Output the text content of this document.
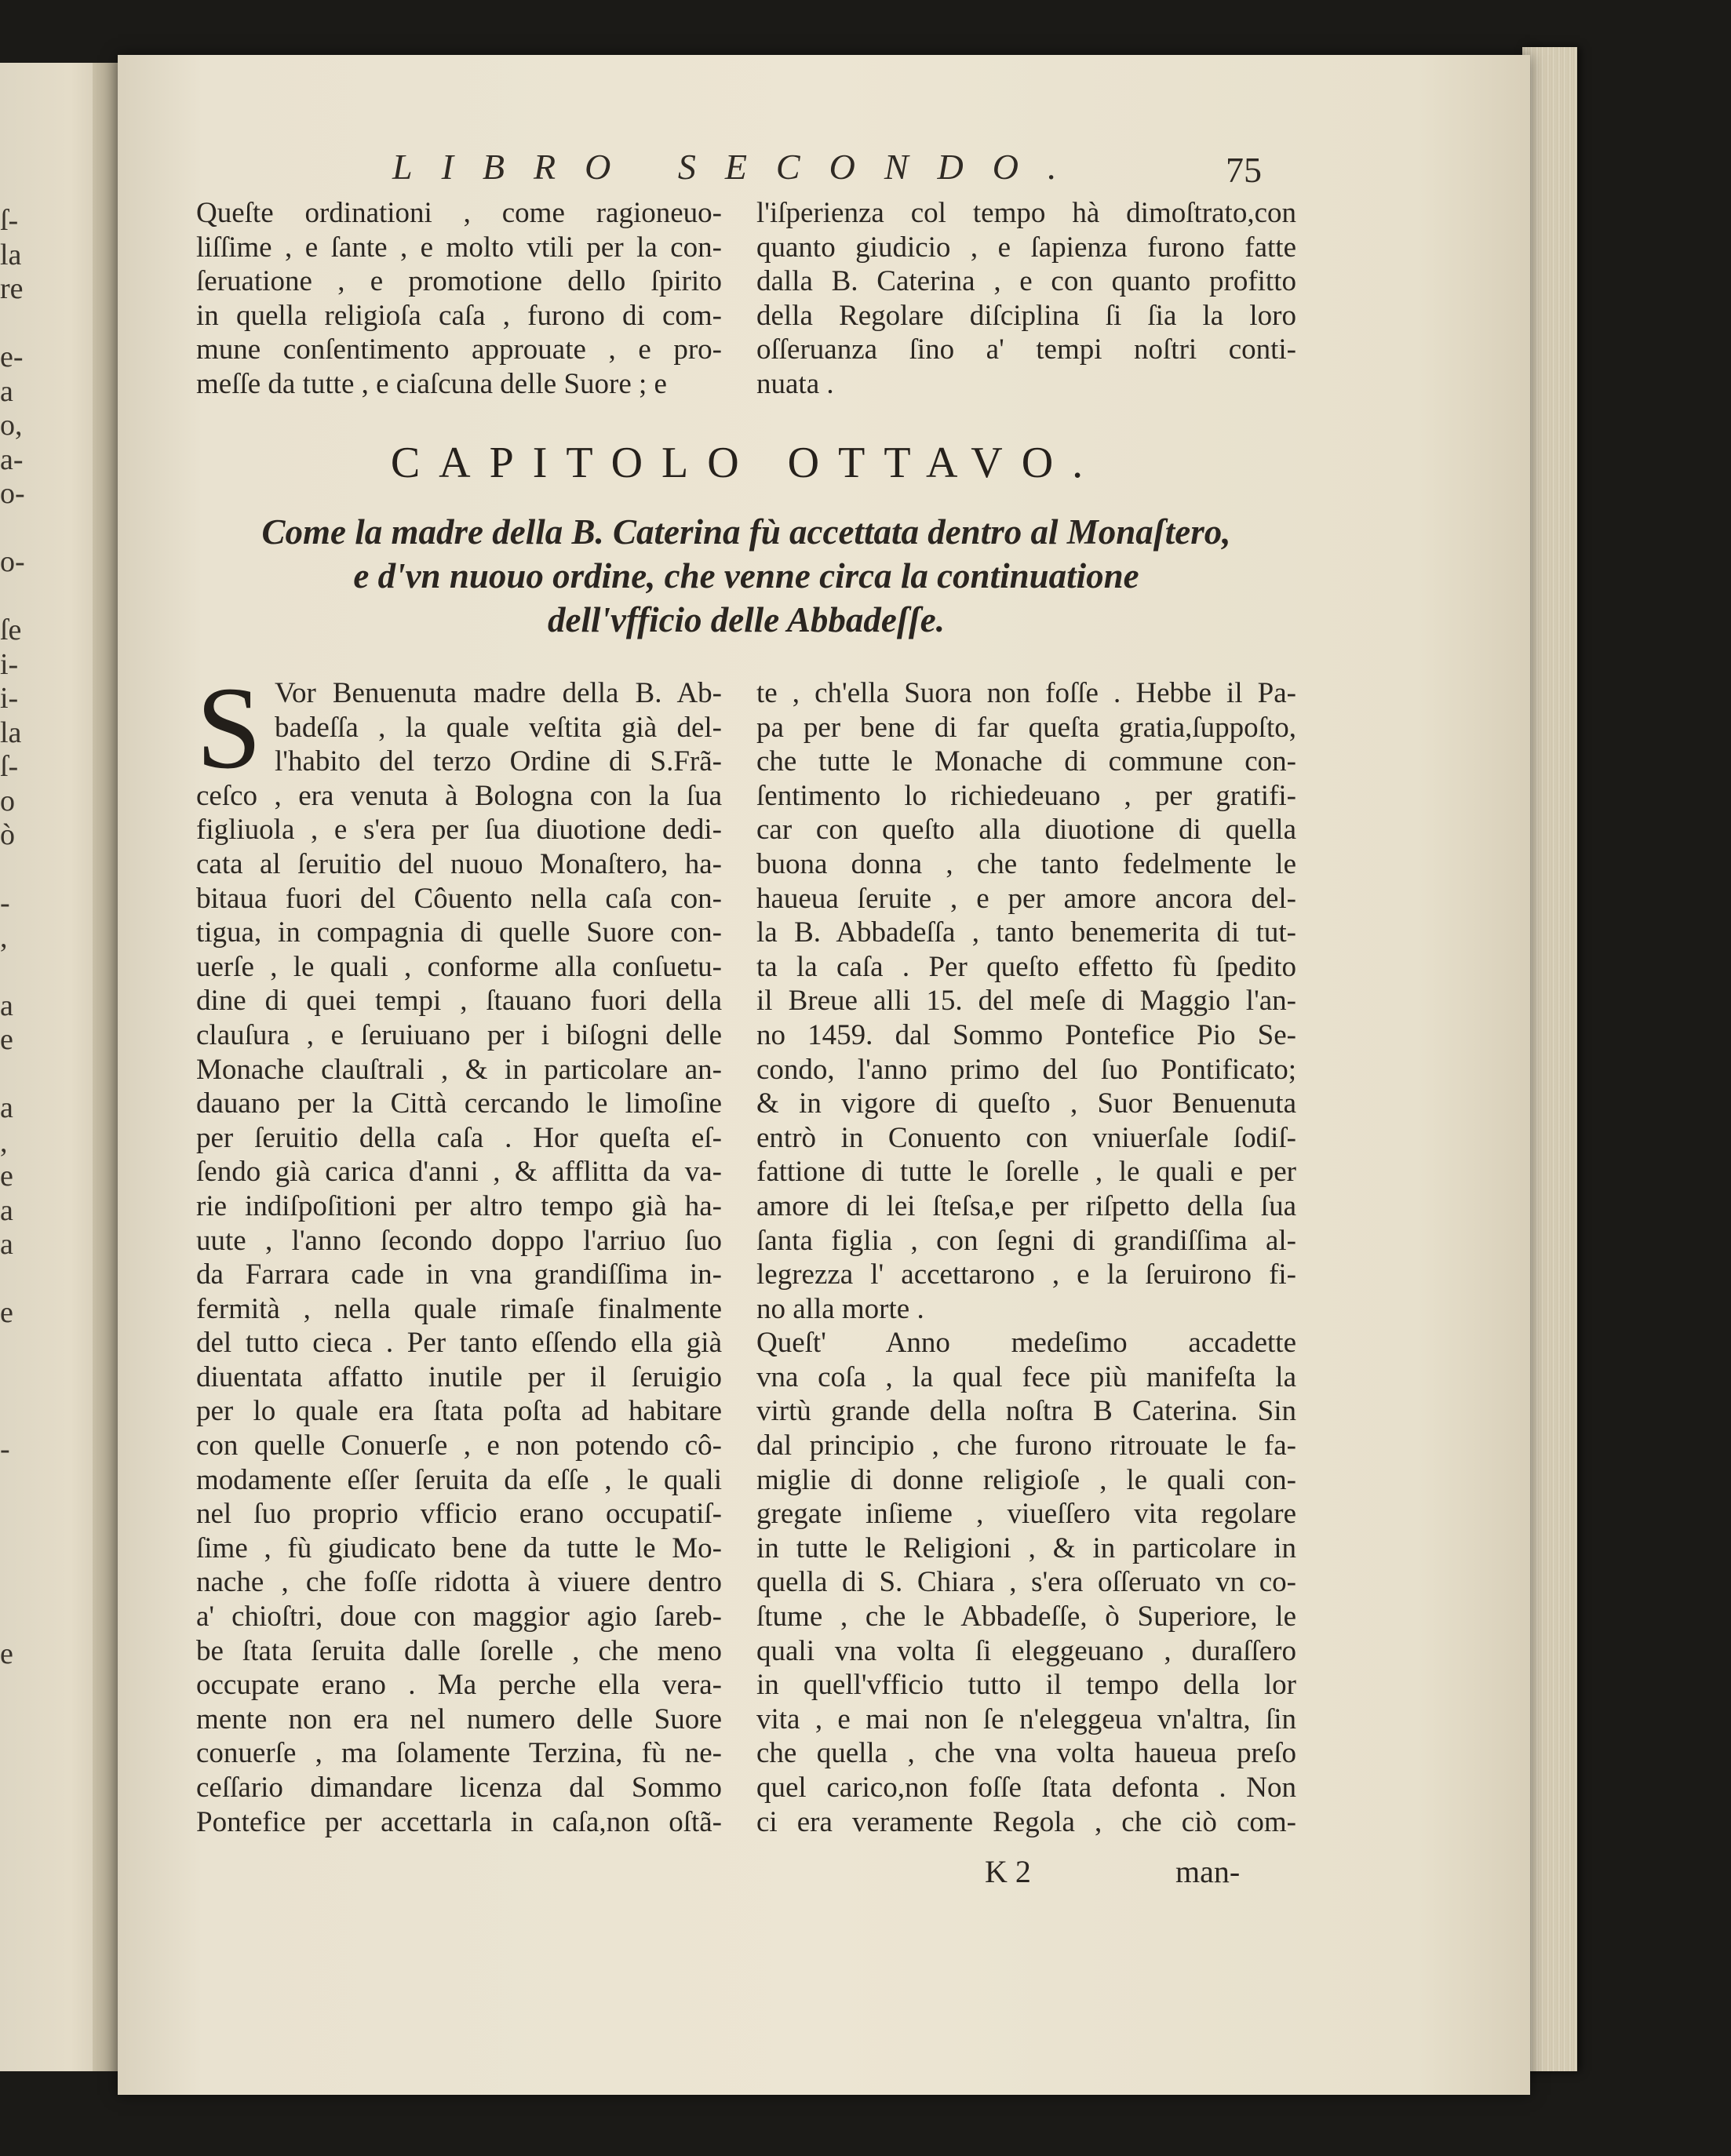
ſ-
la
re
e-
a
o,
a-
o-
o-
ſe
i-
i-
la
ſ-
o
ò
-
,
a
e
a
,
e
a
a
e
-
e
LIBRO SECONDO.	75
Queſte ordinationi , come ragioneuo-
liſſime , e ſante , e molto vtili per la con-
ſeruatione , e promotione dello ſpirito
in quella religioſa caſa , furono di com-
mune conſentimento approuate , e pro-
meſſe da tutte , e ciaſcuna delle Suore ; e
l'iſperienza col tempo hà dimoſtrato,con
quanto giudicio , e ſapienza furono fatte
dalla B. Caterina , e con quanto profitto
della Regolare diſciplina ſi ſia la loro
oſſeruanza ſino a' tempi noſtri conti-
nuata .
CAPITOLO OTTAVO.
Come la madre della B. Caterina fù accettata dentro al Monaſtero,
e d'vn nuouo ordine, che venne circa la continuatione
dell'vfficio delle Abbadeſſe.
S Vor Benuenuta madre della B. Ab-
badeſſa , la quale veſtita già del-
l'habito del terzo Ordine di S.Frã-
ceſco , era venuta à Bologna con la ſua
figliuola , e s'era per ſua diuotione dedi-
cata al ſeruitio del nuouo Monaſtero, ha-
bitaua fuori del Côuento nella caſa con-
tigua, in compagnia di quelle Suore con-
uerſe , le quali , conforme alla conſuetu-
dine di quei tempi , ſtauano fuori della
clauſura , e ſeruiuano per i biſogni delle
Monache clauſtrali , & in particolare an-
dauano per la Città cercando le limoſine
per ſeruitio della caſa . Hor queſta eſ-
ſendo già carica d'anni , & afflitta da va-
rie indiſpoſitioni per altro tempo già ha-
uute , l'anno ſecondo doppo l'arriuo ſuo
da Farrara cade in vna grandiſſima in-
fermità , nella quale rimaſe finalmente
del tutto cieca . Per tanto eſſendo ella già
diuentata affatto inutile per il ſeruigio
per lo quale era ſtata poſta ad habitare
con quelle Conuerſe , e non potendo cô-
modamente eſſer ſeruita da eſſe , le quali
nel ſuo proprio vfficio erano occupatiſ-
ſime , fù giudicato bene da tutte le Mo-
nache , che foſſe ridotta à viuere dentro
a' chioſtri, doue con maggior agio ſareb-
be ſtata ſeruita dalle ſorelle , che meno
occupate erano . Ma perche ella vera-
mente non era nel numero delle Suore
conuerſe , ma ſolamente Terzina, fù ne-
ceſſario dimandare licenza dal Sommo
Pontefice per accettarla in caſa,non oſtã-
te , ch'ella Suora non foſſe . Hebbe il Pa-
pa per bene di far queſta gratia,ſuppoſto,
che tutte le Monache di commune con-
ſentimento lo richiedeuano , per gratifi-
car con queſto alla diuotione di quella
buona donna , che tanto fedelmente le
haueua ſeruite , e per amore ancora del-
la B. Abbadeſſa , tanto benemerita di tut-
ta la caſa . Per queſto effetto fù ſpedito
il Breue alli 15. del meſe di Maggio l'an-
no 1459. dal Sommo Pontefice Pio Se-
condo, l'anno primo del ſuo Pontificato;
& in vigore di queſto , Suor Benuenuta
entrò in Conuento con vniuerſale ſodiſ-
fattione di tutte le ſorelle , le quali e per
amore di lei ſteſsa,e per riſpetto della ſua
ſanta figlia , con ſegni di grandiſſima al-
legrezza l' accettarono , e la ſeruirono fi-
no alla morte .
Queſt' Anno medeſimo accadette
vna coſa , la qual fece più manifeſta la
virtù grande della noſtra B Caterina. Sin
dal principio , che furono ritrouate le fa-
miglie di donne religioſe , le quali con-
gregate inſieme , viueſſero vita regolare
in tutte le Religioni , & in particolare in
quella di S. Chiara , s'era oſſeruato vn co-
ſtume , che le Abbadeſſe, ò Superiore, le
quali vna volta ſi eleggeuano , duraſſero
in quell'vfficio tutto il tempo della lor
vita , e mai non ſe n'eleggeua vn'altra, ſin
che quella , che vna volta haueua preſo
quel carico,non foſſe ſtata defonta . Non
ci era veramente Regola , che ciò com-
K 2	man-
